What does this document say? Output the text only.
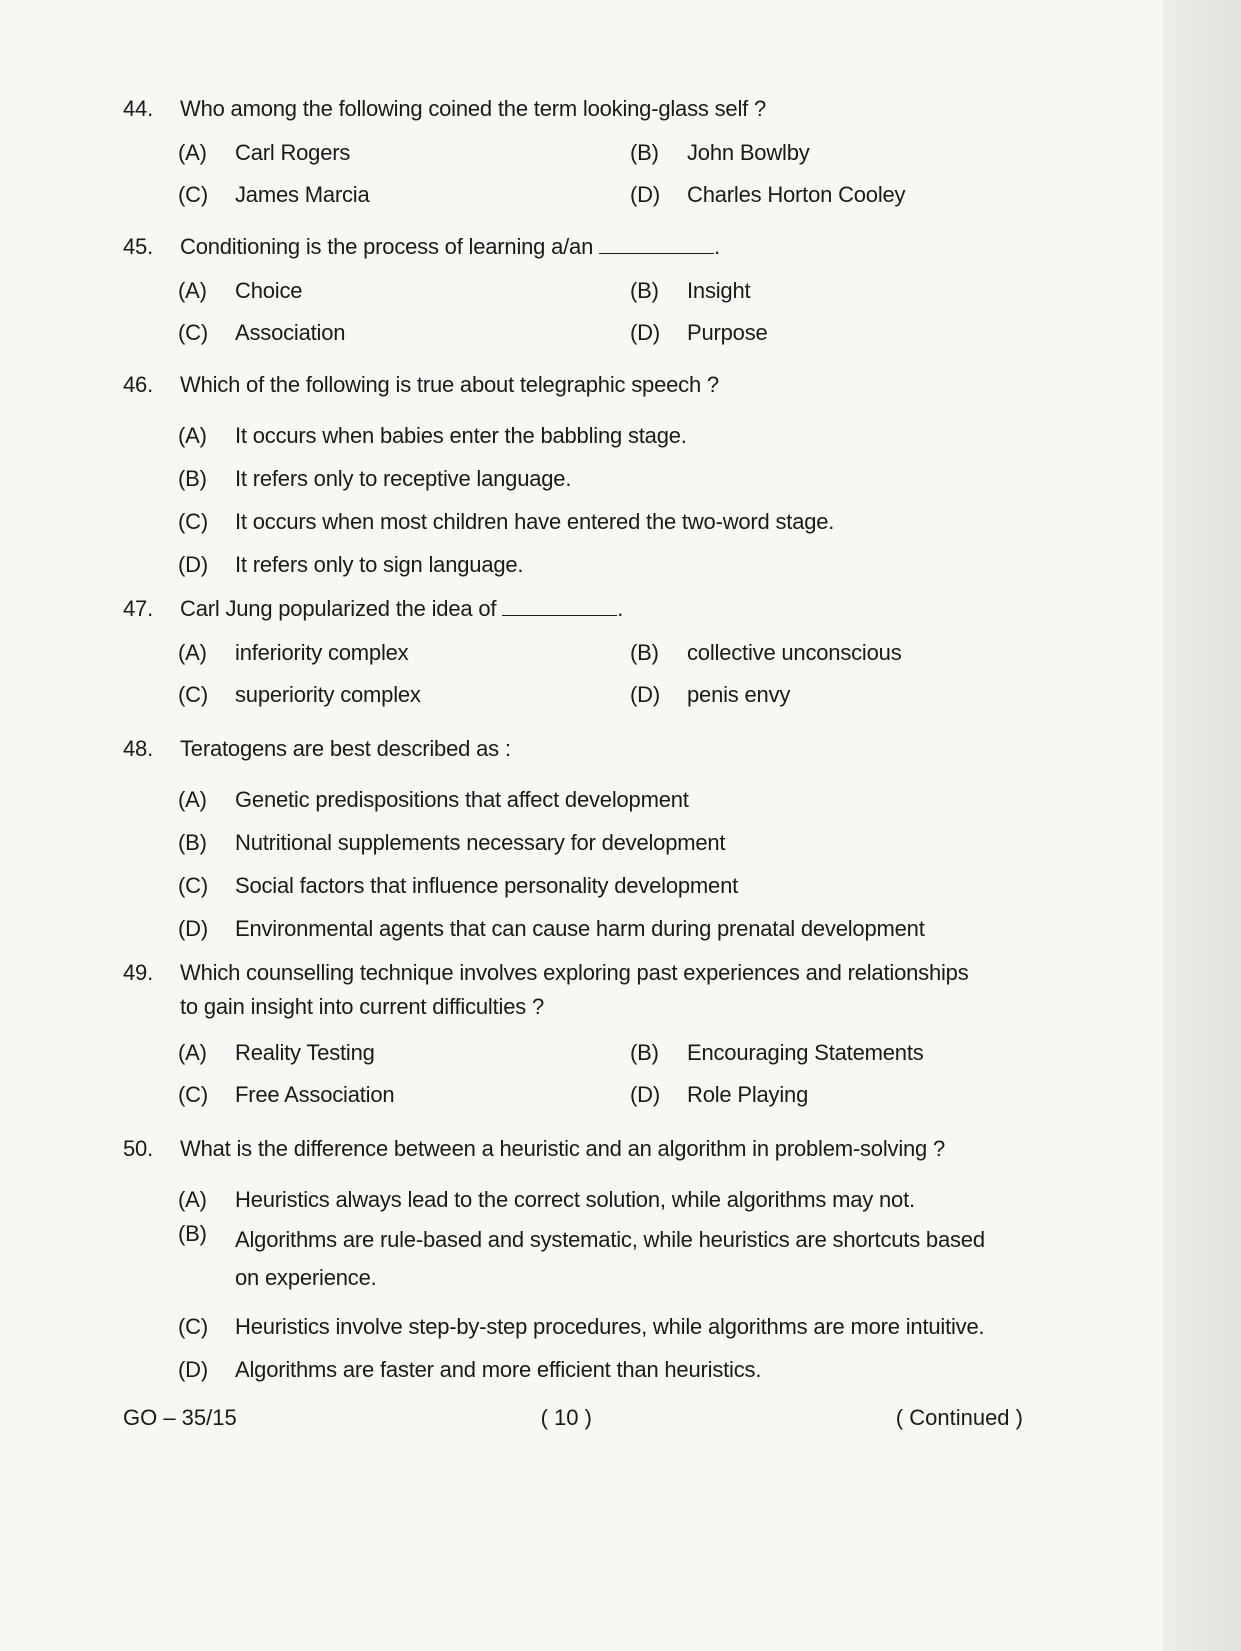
44.	Who among the following coined the term looking-glass self ?
(A)	Carl Rogers	(B)	John Bowlby
(C)	James Marcia	(D)	Charles Horton Cooley
45.	Conditioning is the process of learning a/an	.
(A)	Choice	(B)	Insight
(C)	Association	(D)	Purpose
46.	Which of the following is true about telegraphic speech ?
(A)	It occurs when babies enter the babbling stage.
(B)	It refers only to receptive language.
(C)	It occurs when most children have entered the two-word stage.
(D)	It refers only to sign language.
47.	Carl Jung popularized the idea of	.
(A)	inferiority complex	(B)	collective unconscious
(C)	superiority complex	(D)	penis envy
48.	Teratogens are best described as :
(A)	Genetic predispositions that affect development
(B)	Nutritional supplements necessary for development
(C)	Social factors that influence personality development
(D)	Environmental agents that can cause harm during prenatal development
49.	Which counselling technique involves exploring past experiences and relationships
to gain insight into current difficulties ?
(A)	Reality Testing	(B)	Encouraging Statements
(C)	Free Association	(D)	Role Playing
50.	What is the difference between a heuristic and an algorithm in problem-solving ?
(A)	Heuristics always lead to the correct solution, while algorithms may not.
(B)	Algorithms are rule-based and systematic, while heuristics are shortcuts based
on experience.
(C)	Heuristics involve step-by-step procedures, while algorithms are more intuitive.
(D)	Algorithms are faster and more efficient than heuristics.
GO – 35/15	( 10 )	( Continued )
